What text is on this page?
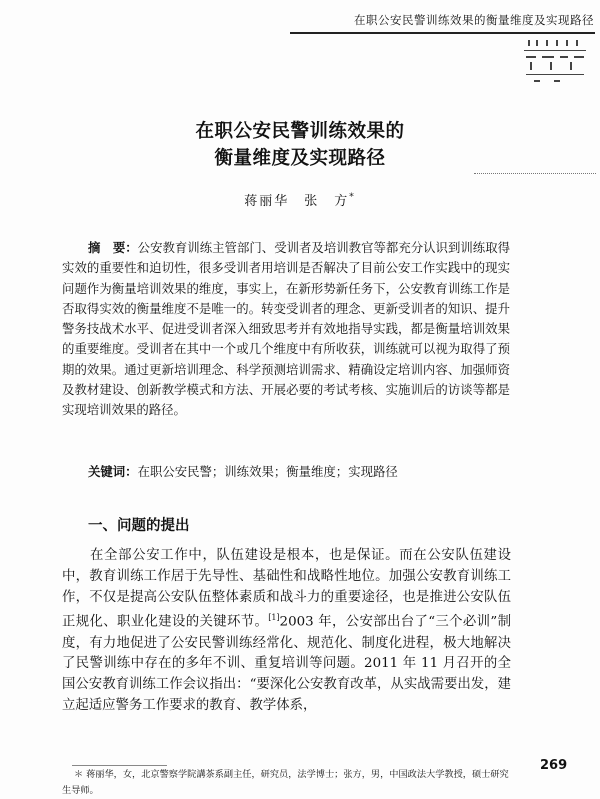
在职公安民警训练效果的衡量维度及实现路径
在职公安民警训练效果的
衡量维度及实现路径
蒋丽华　张　方*
摘　要：公安教育训练主管部门、受训者及培训教官等都充分认识到训练取得实效的重要性和迫切性，很多受训者用培训是否解决了目前公安工作实践中的现实问题作为衡量培训效果的维度，事实上，在新形势新任务下，公安教育训练工作是否取得实效的衡量维度不是唯一的。转变受训者的理念、更新受训者的知识、提升警务技战术水平、促进受训者深入细致思考并有效地指导实践，都是衡量培训效果的重要维度。受训者在其中一个或几个维度中有所收获，训练就可以视为取得了预期的效果。通过更新培训理念、科学预测培训需求、精确设定培训内容、加强师资及教材建设、创新教学模式和方法、开展必要的考试考核、实施训后的访谈等都是实现培训效果的路径。
关键词：在职公安民警；训练效果；衡量维度；实现路径
一、问题的提出
在全部公安工作中，队伍建设是根本，也是保证。而在公安队伍建设中，教育训练工作居于先导性、基础性和战略性地位。加强公安教育训练工作，不仅是提高公安队伍整体素质和战斗力的重要途径，也是推进公安队伍正规化、职业化建设的关键环节。[1]2003 年，公安部出台了“三个必训”制度，有力地促进了公安民警训练经常化、规范化、制度化进程，极大地解决了民警训练中存在的多年不训、重复培训等问题。2011 年 11 月召开的全国公安教育训练工作会议指出：“要深化公安教育改革，从实战需要出发，建立起适应警务工作要求的教育、教学体系，
＊ 蒋丽华，女，北京警察学院講茶系副主任，研究员，法学博士；张方，男，中国政法大学教授，硕士研究生导师。
269
